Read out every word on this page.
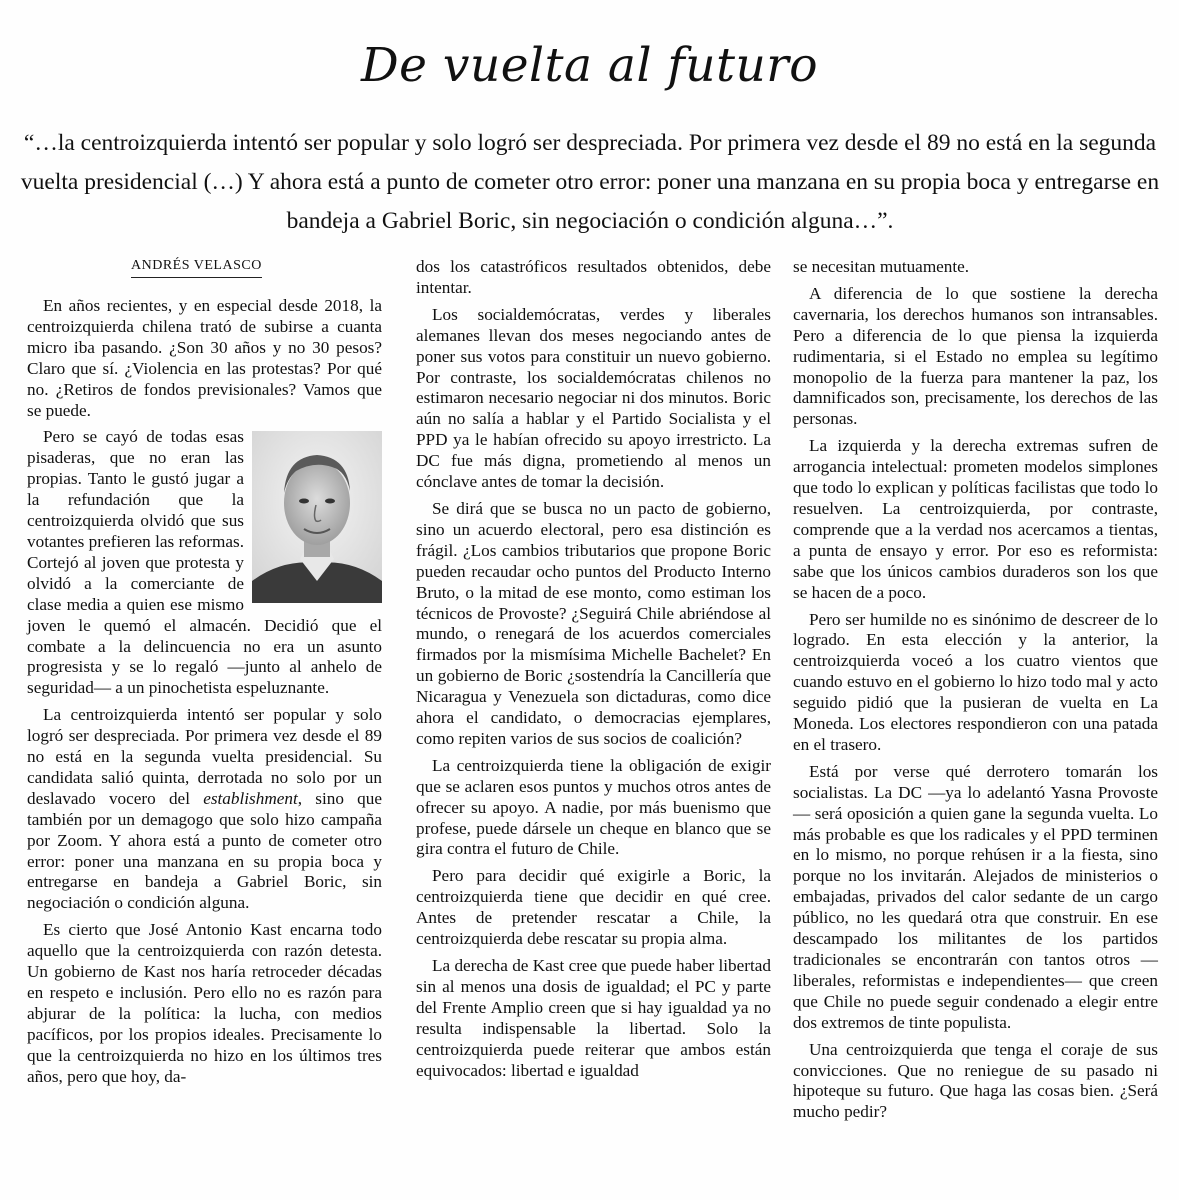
De vuelta al futuro
“…la centroizquierda intentó ser popular y solo logró ser despreciada. Por primera vez desde el 89 no está en la segunda vuelta presidencial (…) Y ahora está a punto de cometer otro error: poner una manzana en su propia boca y entregarse en bandeja a Gabriel Boric, sin negociación o condición alguna…”.
ANDRÉS VELASCO

En años recientes, y en especial desde 2018, la centroizquierda chilena trató de subirse a cuanta micro iba pasando. ¿Son 30 años y no 30 pesos? Claro que sí. ¿Violencia en las protestas? Por qué no. ¿Retiros de fondos previsionales? Vamos que se puede.

Pero se cayó de todas esas pisaderas, que no eran las propias. Tanto le gustó jugar a la refundación que la centroizquierda olvidó que sus votantes prefieren las reformas. Cortejó al joven que protesta y olvidó a la comerciante de clase media a quien ese mismo joven le quemó el almacén. Decidió que el combate a la delincuencia no era un asunto progresista y se lo regaló —junto al anhelo de seguridad— a un pinochetista espeluznante.

La centroizquierda intentó ser popular y solo logró ser despreciada. Por primera vez desde el 89 no está en la segunda vuelta presidencial. Su candidata salió quinta, derrotada no solo por un deslavado vocero del establishment, sino que también por un demagogo que solo hizo campaña por Zoom. Y ahora está a punto de cometer otro error: poner una manzana en su propia boca y entregarse en bandeja a Gabriel Boric, sin negociación o condición alguna.

Es cierto que José Antonio Kast encarna todo aquello que la centroizquierda con razón detesta. Un gobierno de Kast nos haría retroceder décadas en respeto e inclusión. Pero ello no es razón para abjurar de la política: la lucha, con medios pacíficos, por los propios ideales. Precisamente lo que la centroizquierda no hizo en los últimos tres años, pero que hoy, da-

dos los catastróficos resultados obtenidos, debe intentar.

Los socialdemócratas, verdes y liberales alemanes llevan dos meses negociando antes de poner sus votos para constituir un nuevo gobierno. Por contraste, los socialdemócratas chilenos no estimaron necesario negociar ni dos minutos. Boric aún no salía a hablar y el Partido Socialista y el PPD ya le habían ofrecido su apoyo irrestricto. La DC fue más digna, prometiendo al menos un cónclave antes de tomar la decisión.

Se dirá que se busca no un pacto de gobierno, sino un acuerdo electoral, pero esa distinción es frágil. ¿Los cambios tributarios que propone Boric pueden recaudar ocho puntos del Producto Interno Bruto, o la mitad de ese monto, como estiman los técnicos de Provoste? ¿Seguirá Chile abriéndose al mundo, o renegará de los acuerdos comerciales firmados por la mismísima Michelle Bachelet? En un gobierno de Boric ¿sostendría la Cancillería que Nicaragua y Venezuela son dictaduras, como dice ahora el candidato, o democracias ejemplares, como repiten varios de sus socios de coalición?

La centroizquierda tiene la obligación de exigir que se aclaren esos puntos y muchos otros antes de ofrecer su apoyo. A nadie, por más buenismo que profese, puede dársele un cheque en blanco que se gira contra el futuro de Chile.

Pero para decidir qué exigirle a Boric, la centroizquierda tiene que decidir en qué cree. Antes de pretender rescatar a Chile, la centroizquierda debe rescatar su propia alma.

La derecha de Kast cree que puede haber libertad sin al menos una dosis de igualdad; el PC y parte del Frente Amplio creen que si hay igualdad ya no resulta indispensable la libertad. Solo la centroizquierda puede reiterar que ambos están equivocados: libertad e igualdad

se necesitan mutuamente.

A diferencia de lo que sostiene la derecha cavernaria, los derechos humanos son intransables. Pero a diferencia de lo que piensa la izquierda rudimentaria, si el Estado no emplea su legítimo monopolio de la fuerza para mantener la paz, los damnificados son, precisamente, los derechos de las personas.

La izquierda y la derecha extremas sufren de arrogancia intelectual: prometen modelos simplones que todo lo explican y políticas facilistas que todo lo resuelven. La centroizquierda, por contraste, comprende que a la verdad nos acercamos a tientas, a punta de ensayo y error. Por eso es reformista: sabe que los únicos cambios duraderos son los que se hacen de a poco.

Pero ser humilde no es sinónimo de descreer de lo logrado. En esta elección y la anterior, la centroizquierda voceó a los cuatro vientos que cuando estuvo en el gobierno lo hizo todo mal y acto seguido pidió que la pusieran de vuelta en La Moneda. Los electores respondieron con una patada en el trasero.

Está por verse qué derrotero tomarán los socialistas. La DC —ya lo adelantó Yasna Provoste— será oposición a quien gane la segunda vuelta. Lo más probable es que los radicales y el PPD terminen en lo mismo, no porque rehúsen ir a la fiesta, sino porque no los invitarán. Alejados de ministerios o embajadas, privados del calor sedante de un cargo público, no les quedará otra que construir. En ese descampado los militantes de los partidos tradicionales se encontrarán con tantos otros —liberales, reformistas e independientes— que creen que Chile no puede seguir condenado a elegir entre dos extremos de tinte populista.

Una centroizquierda que tenga el coraje de sus convicciones. Que no reniegue de su pasado ni hipoteque su futuro. Que haga las cosas bien. ¿Será mucho pedir?
